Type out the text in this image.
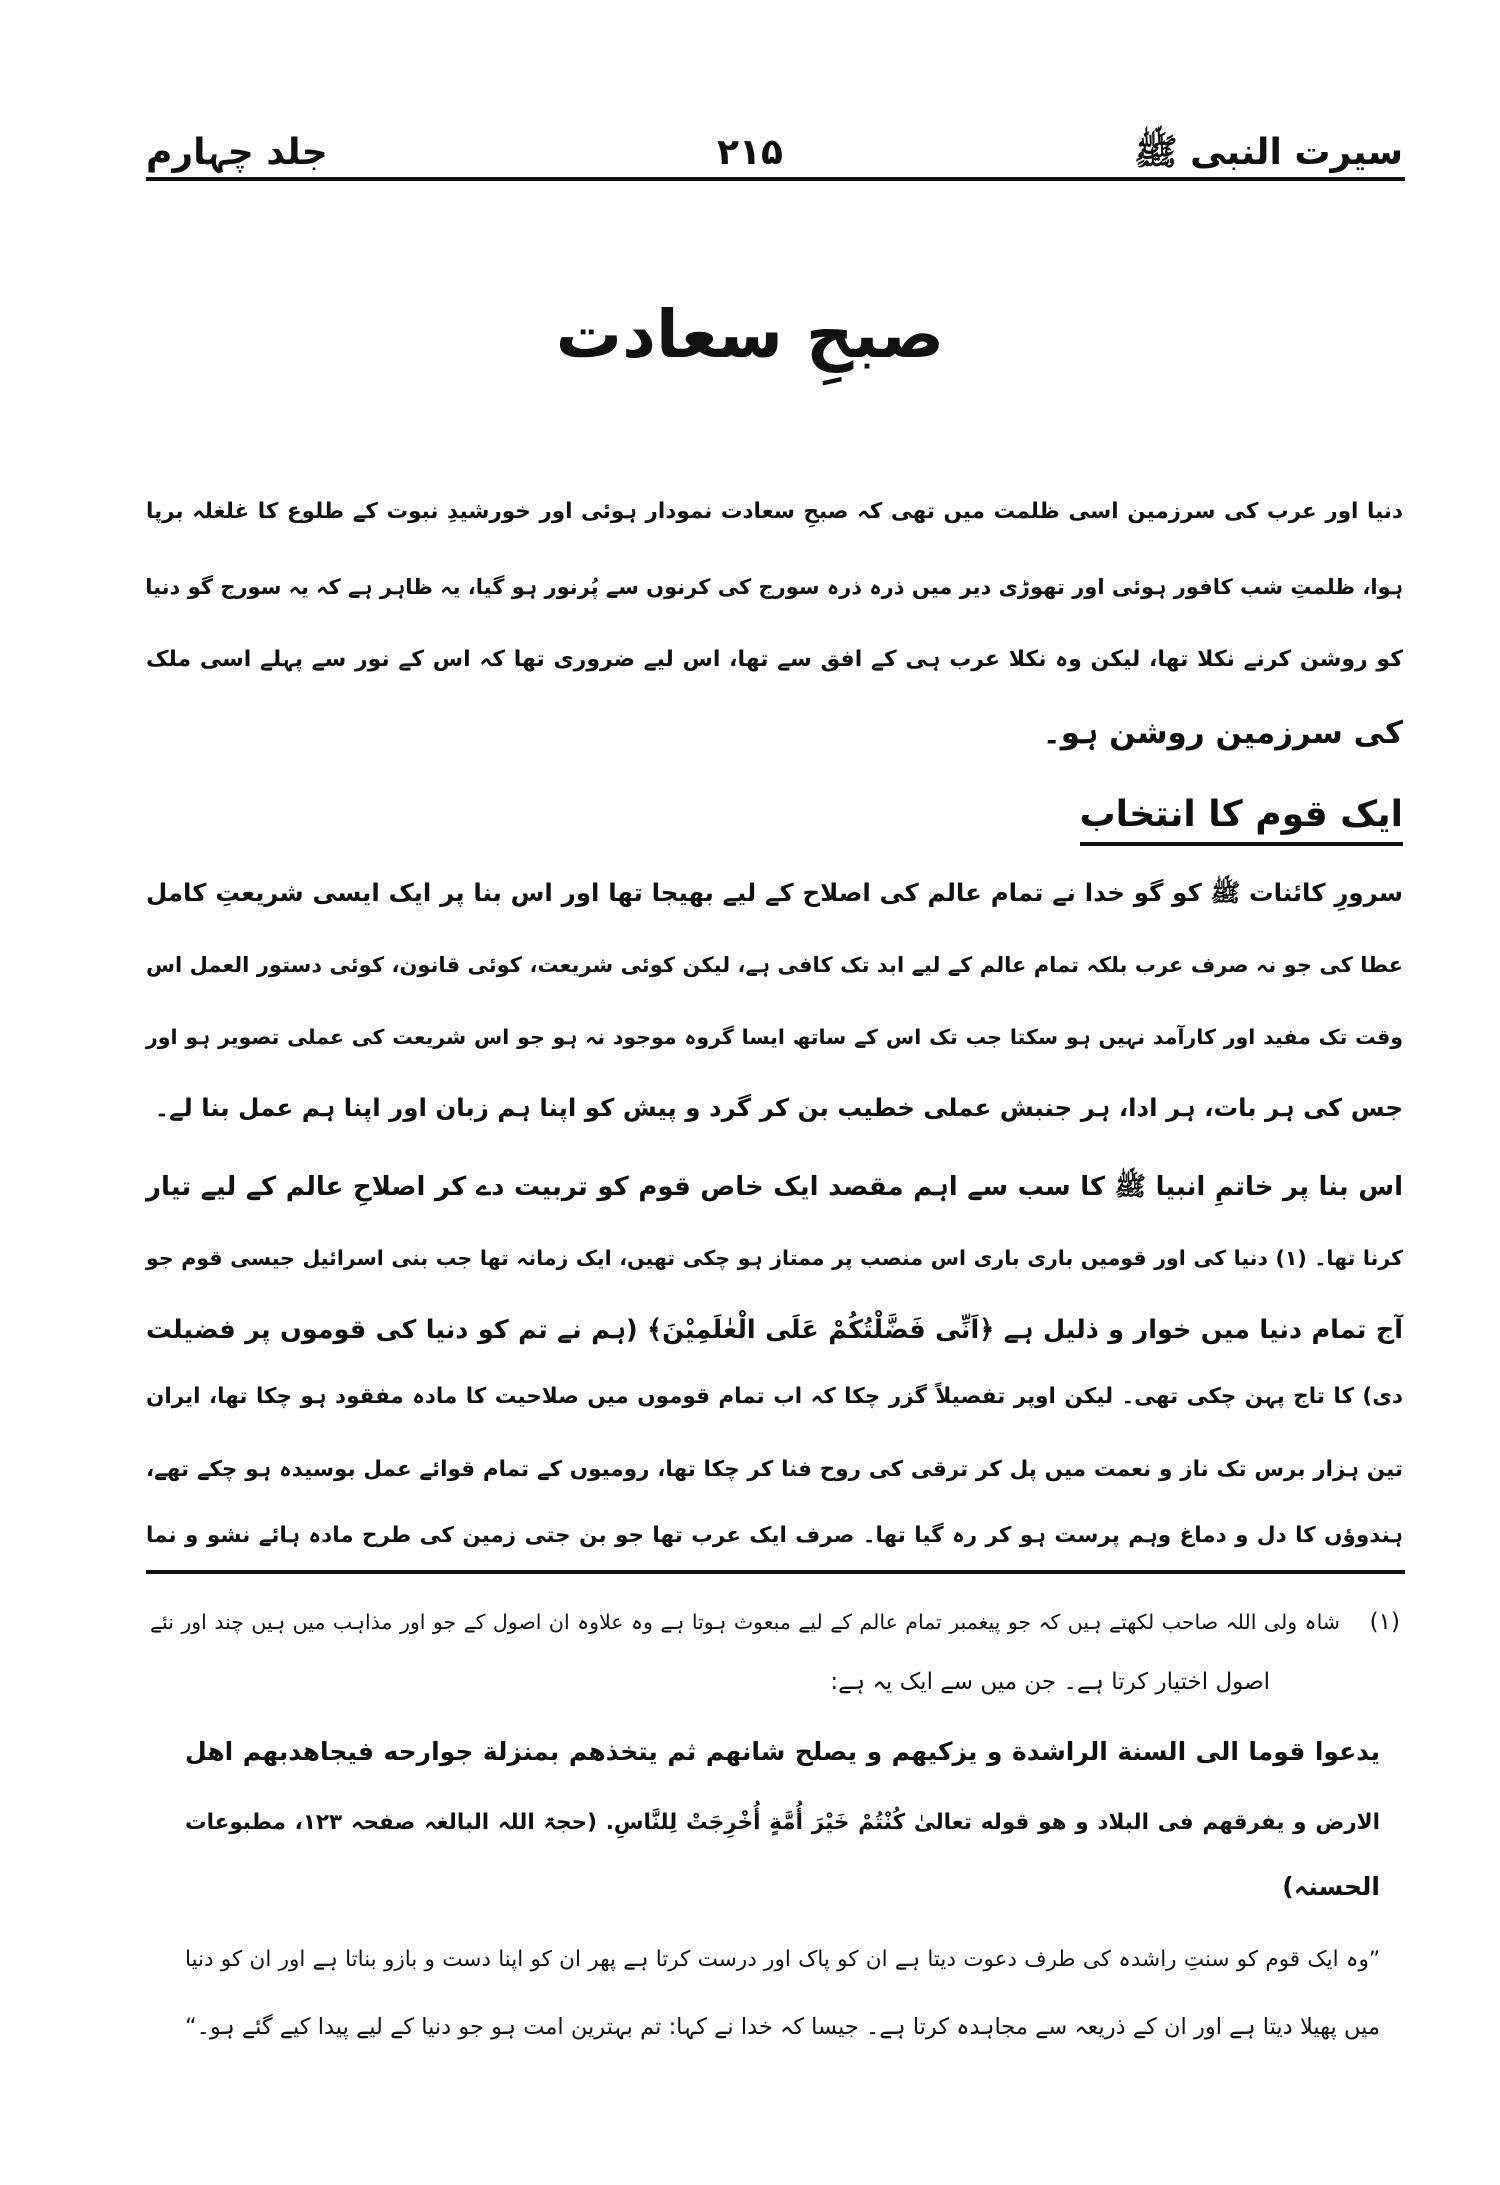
سیرت النبی ﷺ
۲۱۵
جلد چہارم
صبحِ سعادت
دنیا اور عرب کی سرزمین اسی ظلمت میں تھی کہ صبحِ سعادت نمودار ہوئی اور خورشیدِ نبوت کے طلوع کا غلغلہ برپا
ہوا، ظلمتِ شب کافور ہوئی اور تھوڑی دیر میں ذرہ ذرہ سورج کی کرنوں سے پُرنور ہو گیا، یہ ظاہر ہے کہ یہ سورج گو دنیا
کو روشن کرنے نکلا تھا، لیکن وہ نکلا عرب ہی کے افق سے تھا، اس لیے ضروری تھا کہ اس کے نور سے پہلے اسی ملک
کی سرزمین روشن ہو۔
ایک قوم کا انتخاب
سرورِ کائنات ﷺ کو گو خدا نے تمام عالم کی اصلاح کے لیے بھیجا تھا اور اس بنا پر ایک ایسی شریعتِ کامل
عطا کی جو نہ صرف عرب بلکہ تمام عالم کے لیے ابد تک کافی ہے، لیکن کوئی شریعت، کوئی قانون، کوئی دستور العمل اس
وقت تک مفید اور کارآمد نہیں ہو سکتا جب تک اس کے ساتھ ایسا گروہ موجود نہ ہو جو اس شریعت کی عملی تصویر ہو اور
جس کی ہر بات، ہر ادا، ہر جنبش عملی خطیب بن کر گرد و پیش کو اپنا ہم زبان اور اپنا ہم عمل بنا لے۔
اس بنا پر خاتمِ انبیا ﷺ کا سب سے اہم مقصد ایک خاص قوم کو تربیت دے کر اصلاحِ عالم کے لیے تیار
کرنا تھا۔ (۱) دنیا کی اور قومیں باری باری اس منصب پر ممتاز ہو چکی تھیں، ایک زمانہ تھا جب بنی اسرائیل جیسی قوم جو
آج تمام دنیا میں خوار و ذلیل ہے ﴿اَنِّی فَضَّلْتُكُمْ عَلَى الْعٰلَمِیْنَ﴾ (ہم نے تم کو دنیا کی قوموں پر فضیلت
دی) کا تاج پہن چکی تھی۔ لیکن اوپر تفصیلاً گزر چکا کہ اب تمام قوموں میں صلاحیت کا مادہ مفقود ہو چکا تھا، ایران
تین ہزار برس تک ناز و نعمت میں پل کر ترقی کی روح فنا کر چکا تھا، رومیوں کے تمام قوائے عمل بوسیدہ ہو چکے تھے،
ہندوؤں کا دل و دماغ وہم پرست ہو کر رہ گیا تھا۔ صرف ایک عرب تھا جو بن جتی زمین کی طرح مادہ ہائے نشو و نما
(۱)
شاہ ولی اللہ صاحب لکھتے ہیں کہ جو پیغمبر تمام عالم کے لیے مبعوث ہوتا ہے وہ علاوہ ان اصول کے جو اور مذاہب میں ہیں چند اور نئے
اصول اختیار کرتا ہے۔ جن میں سے ایک یہ ہے:
یدعوا قوما الی السنة الراشدة و یزکیهم و یصلح شانهم ثم یتخذهم بمنزلة جوارحه فیجاهدبهم اهل
الارض و یفرقهم فی البلاد و هو قوله تعالیٰ كُنْتُمْ خَيْرَ أُمَّةٍ أُخْرِجَتْ لِلنَّاسِ. (حجۃ اللہ البالغہ صفحہ ۱۲۳، مطبوعات
الحسنہ)
”وہ ایک قوم کو سنتِ راشدہ کی طرف دعوت دیتا ہے ان کو پاک اور درست کرتا ہے پھر ان کو اپنا دست و بازو بناتا ہے اور ان کو دنیا
میں پھیلا دیتا ہے اور ان کے ذریعہ سے مجاہدہ کرتا ہے۔ جیسا کہ خدا نے کہا: تم بہترین امت ہو جو دنیا کے لیے پیدا کیے گئے ہو۔“
